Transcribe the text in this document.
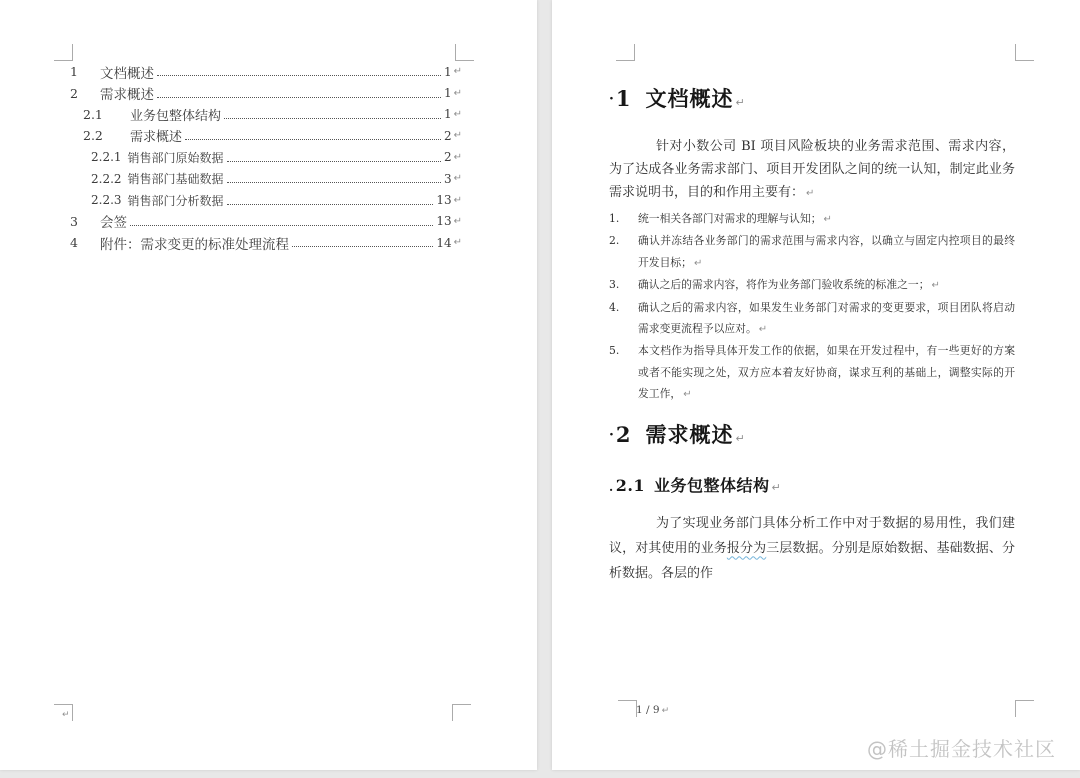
1	文档概述	1 ↵
2	需求概述	1 ↵
2.1	业务包整体结构	1 ↵
2.2	需求概述	2 ↵
2.2.1 销售部门原始数据	2 ↵
2.2.2 销售部门基础数据	3 ↵
2.2.3 销售部门分析数据	13 ↵
3	会签	13 ↵
4	附件：需求变更的标准处理流程	14 ↵
↵
·1 文档概述 ↵

针对小数公司 BI 项目风险板块的业务需求范围、需求内容，为了达成各业务需求部门、项目开发团队之间的统一认知，制定此业务需求说明书，目的和作用主要有： ↵

1.	统一相关各部门对需求的理解与认知； ↵
2.	确认并冻结各业务部门的需求范围与需求内容，以确立与固定内控项目的最终开发目标； ↵
3.	确认之后的需求内容，将作为业务部门验收系统的标准之一； ↵
4.	确认之后的需求内容，如果发生业务部门对需求的变更要求，项目团队将启动需求变更流程予以应对。 ↵
5.	本文档作为指导具体开发工作的依据，如果在开发过程中，有一些更好的方案或者不能实现之处，双方应本着友好协商，谋求互利的基础上，调整实际的开发工作， ↵
·2 需求概述 ↵
. 2.1 业务包整体结构 ↵

为了实现业务部门具体分析工作中对于数据的易用性，我们建议，对其使用的业务报分为三层数据。分别是原始数据、基础数据、分析数据。各层的作

1 / 9 ↵
@稀土掘金技术社区
